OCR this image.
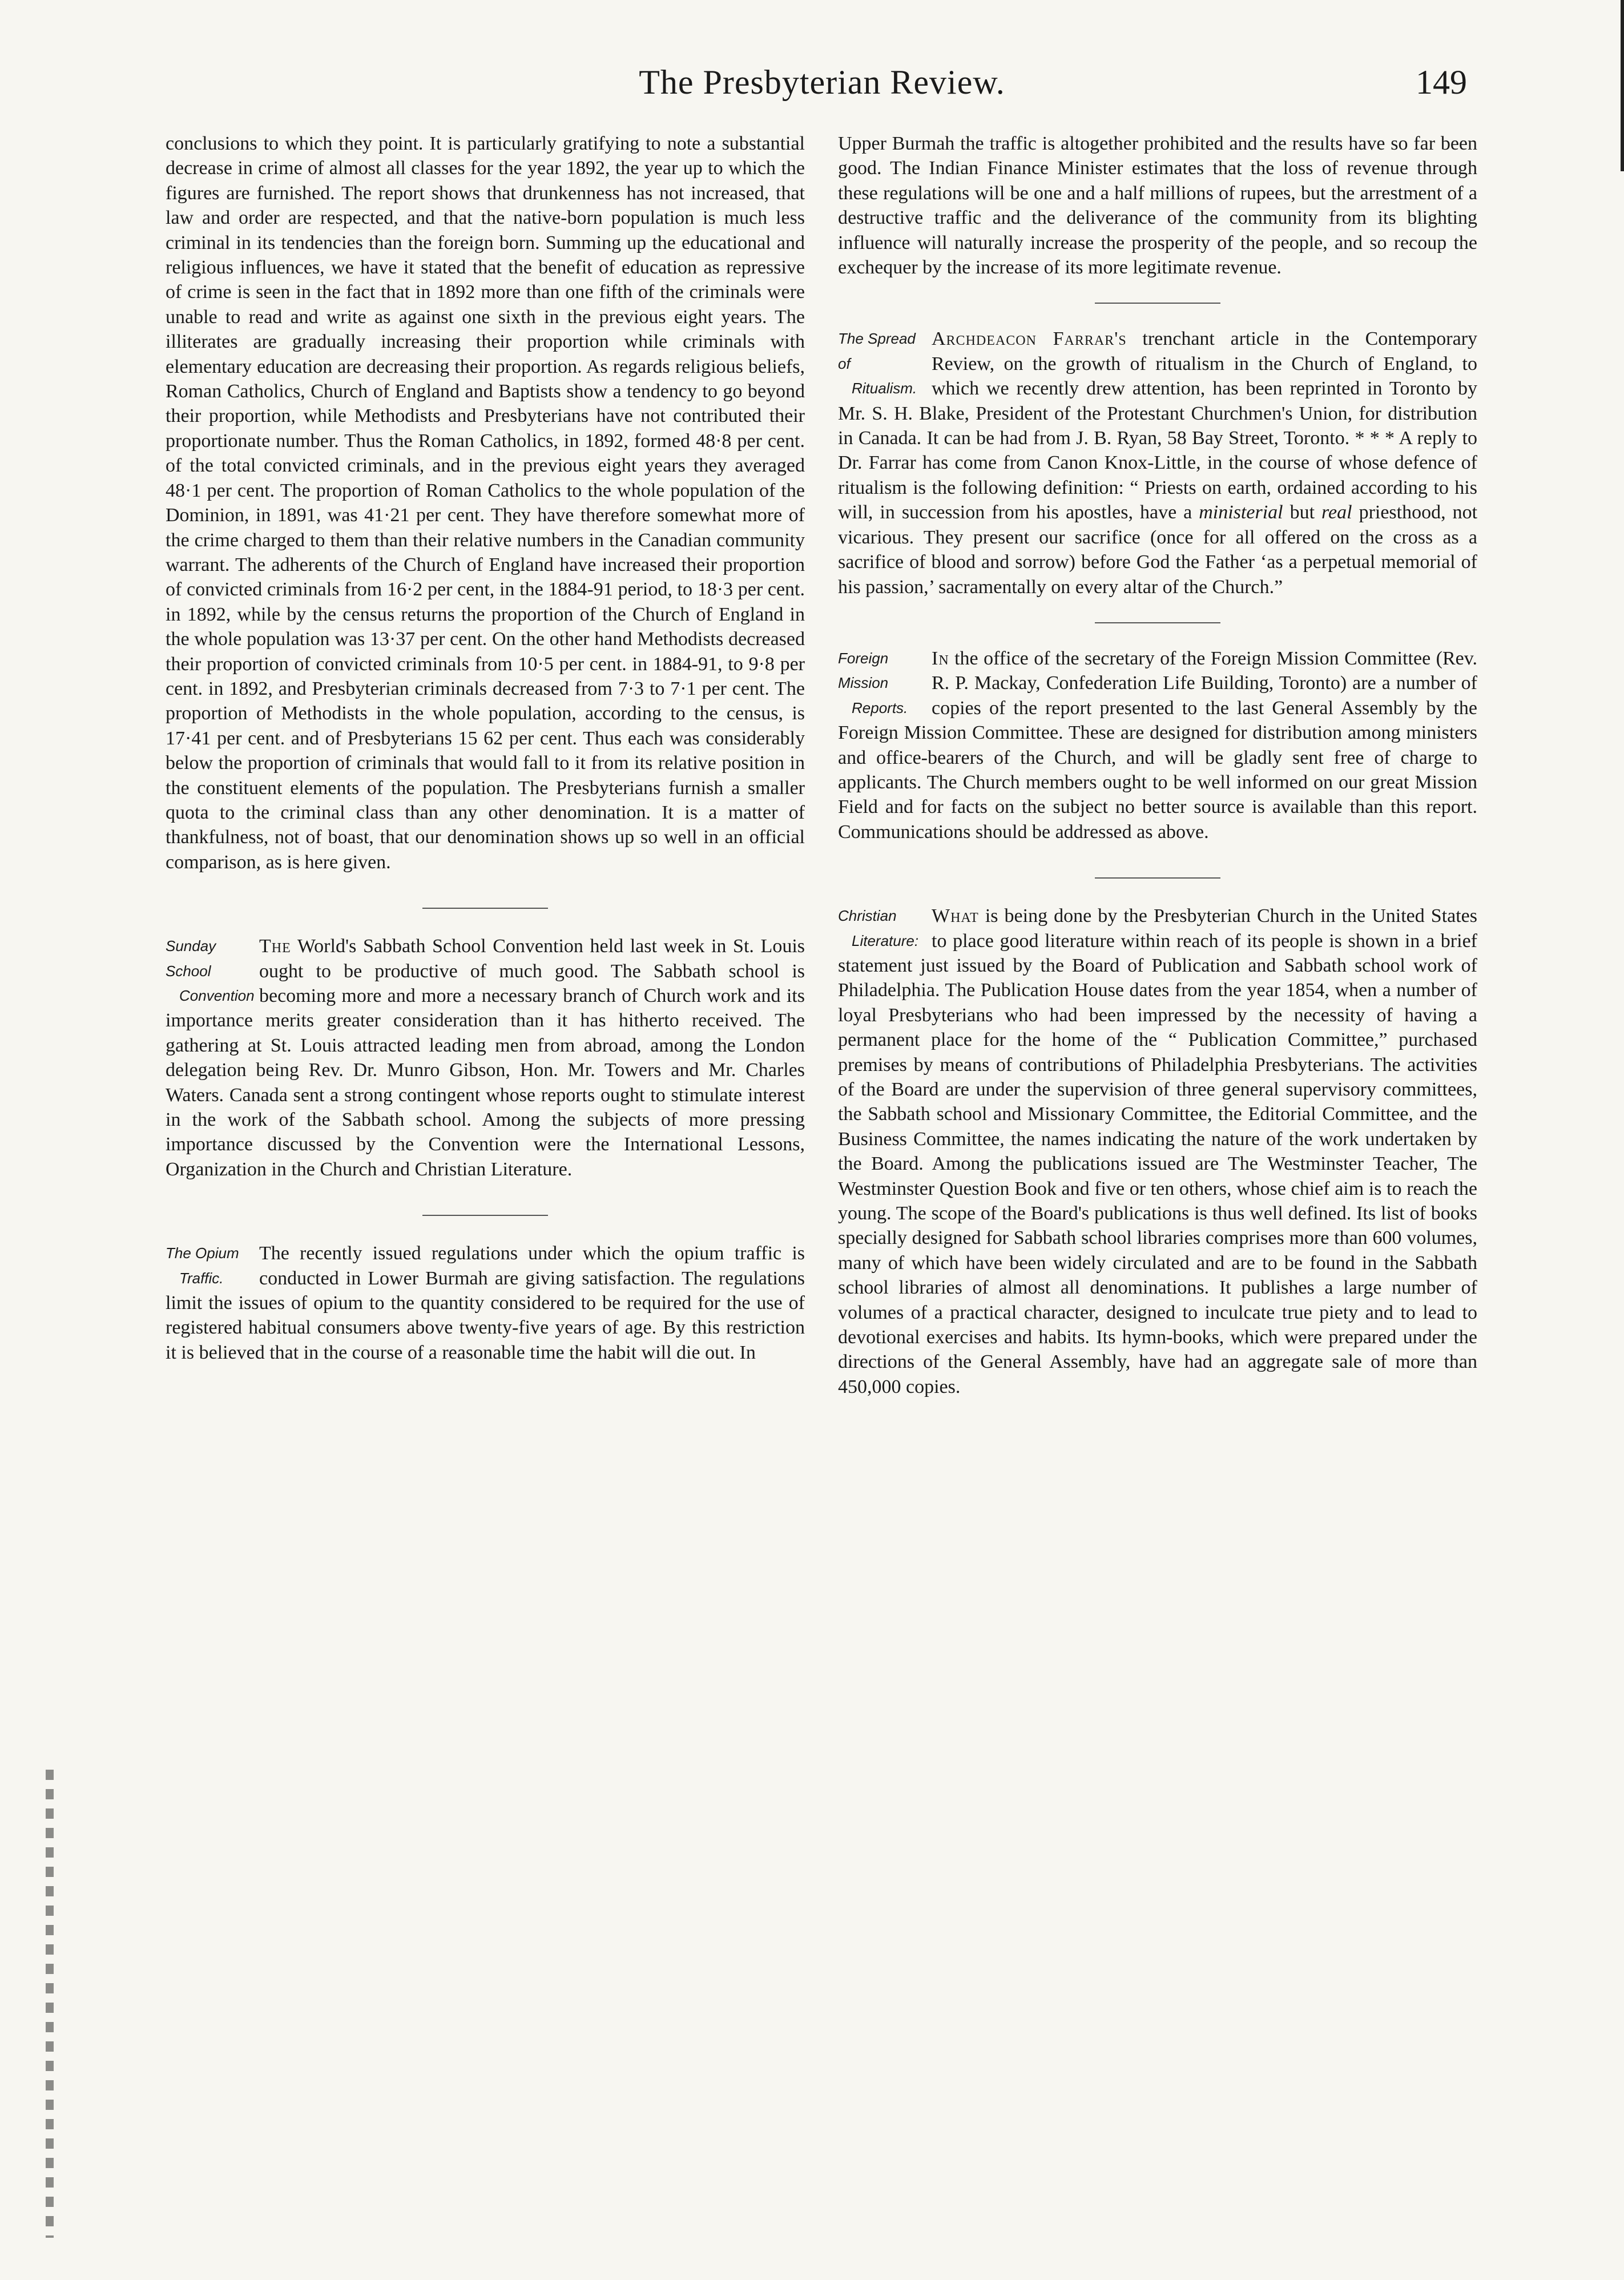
The Presbyterian Review.	149

conclusions to which they point. It is particularly gratifying to note a substantial decrease in crime of almost all classes for the year 1892, the year up to which the figures are furnished. The report shows that drunkenness has not increased, that law and order are respected, and that the native-born population is much less criminal in its tendencies than the foreign born. Summing up the educational and religious influences, we have it stated that the benefit of education as repressive of crime is seen in the fact that in 1892 more than one fifth of the criminals were unable to read and write as against one sixth in the previous eight years. The illiterates are gradually increasing their proportion while criminals with elementary education are decreasing their proportion. As regards religious beliefs, Roman Catholics, Church of England and Baptists show a tendency to go beyond their proportion, while Methodists and Presbyterians have not contributed their proportionate number. Thus the Roman Catholics, in 1892, formed 48·8 per cent. of the total convicted criminals, and in the previous eight years they averaged 48·1 per cent. The proportion of Roman Catholics to the whole population of the Dominion, in 1891, was 41·21 per cent. They have therefore somewhat more of the crime charged to them than their relative numbers in the Canadian community warrant. The adherents of the Church of England have increased their proportion of convicted criminals from 16·2 per cent, in the 1884-91 period, to 18·3 per cent. in 1892, while by the census returns the proportion of the Church of England in the whole population was 13·37 per cent. On the other hand Methodists decreased their proportion of convicted criminals from 10·5 per cent. in 1884-91, to 9·8 per cent. in 1892, and Presbyterian criminals decreased from 7·3 to 7·1 per cent. The proportion of Methodists in the whole population, according to the census, is 17·41 per cent. and of Presbyterians 15 62 per cent. Thus each was considerably below the proportion of criminals that would fall to it from its relative position in the constituent elements of the population. The Presbyterians furnish a smaller quota to the criminal class than any other denomination. It is a matter of thankfulness, not of boast, that our denomination shows up so well in an official comparison, as is here given.

Sunday School
Convention

The World's Sabbath School Convention held last week in St. Louis ought to be productive of much good. The Sabbath school is becoming more and more a necessary branch of Church work and its importance merits greater consideration than it has hitherto received. The gathering at St. Louis attracted leading men from abroad, among the London delegation being Rev. Dr. Munro Gibson, Hon. Mr. Towers and Mr. Charles Waters. Canada sent a strong contingent whose reports ought to stimulate interest in the work of the Sabbath school. Among the subjects of more pressing importance discussed by the Convention were the International Lessons, Organization in the Church and Christian Literature.

The Opium
Traffic.

The recently issued regulations under which the opium traffic is conducted in Lower Burmah are giving satisfaction. The regulations limit the issues of opium to the quantity considered to be required for the use of registered habitual consumers above twenty-five years of age. By this restriction it is believed that in the course of a reasonable time the habit will die out. In

Upper Burmah the traffic is altogether prohibited and the results have so far been good. The Indian Finance Minister estimates that the loss of revenue through these regulations will be one and a half millions of rupees, but the arrestment of a destructive traffic and the deliverance of the community from its blighting influence will naturally increase the prosperity of the people, and so recoup the exchequer by the increase of its more legitimate revenue.

The Spread of
Ritualism.

Archdeacon Farrar's trenchant article in the Contemporary Review, on the growth of ritualism in the Church of England, to which we recently drew attention, has been reprinted in Toronto by Mr. S. H. Blake, President of the Protestant Churchmen's Union, for distribution in Canada. It can be had from J. B. Ryan, 58 Bay Street, Toronto. * * * A reply to Dr. Farrar has come from Canon Knox-Little, in the course of whose defence of ritualism is the following definition: “ Priests on earth, ordained according to his will, in succession from his apostles, have a ministerial but real priesthood, not vicarious. They present our sacrifice (once for all offered on the cross as a sacrifice of blood and sorrow) before God the Father ‘as a perpetual memorial of his passion,’ sacramentally on every altar of the Church.”

Foreign Mission
Reports.

In the office of the secretary of the Foreign Mission Committee (Rev. R. P. Mackay, Confederation Life Building, Toronto) are a number of copies of the report presented to the last General Assembly by the Foreign Mission Committee. These are designed for distribution among ministers and office-bearers of the Church, and will be gladly sent free of charge to applicants. The Church members ought to be well informed on our great Mission Field and for facts on the subject no better source is available than this report. Communications should be addressed as above.

Christian
Literature:

What is being done by the Presbyterian Church in the United States to place good literature within reach of its people is shown in a brief statement just issued by the Board of Publication and Sabbath school work of Philadelphia. The Publication House dates from the year 1854, when a number of loyal Presbyterians who had been impressed by the necessity of having a permanent place for the home of the “ Publication Committee,” purchased premises by means of contributions of Philadelphia Presbyterians. The activities of the Board are under the supervision of three general supervisory committees, the Sabbath school and Missionary Committee, the Editorial Committee, and the Business Committee, the names indicating the nature of the work undertaken by the Board. Among the publications issued are The Westminster Teacher, The Westminster Question Book and five or ten others, whose chief aim is to reach the young. The scope of the Board's publications is thus well defined. Its list of books specially designed for Sabbath school libraries comprises more than 600 volumes, many of which have been widely circulated and are to be found in the Sabbath school libraries of almost all denominations. It publishes a large number of volumes of a practical character, designed to inculcate true piety and to lead to devotional exercises and habits. Its hymn-books, which were prepared under the directions of the General Assembly, have had an aggregate sale of more than 450,000 copies.
